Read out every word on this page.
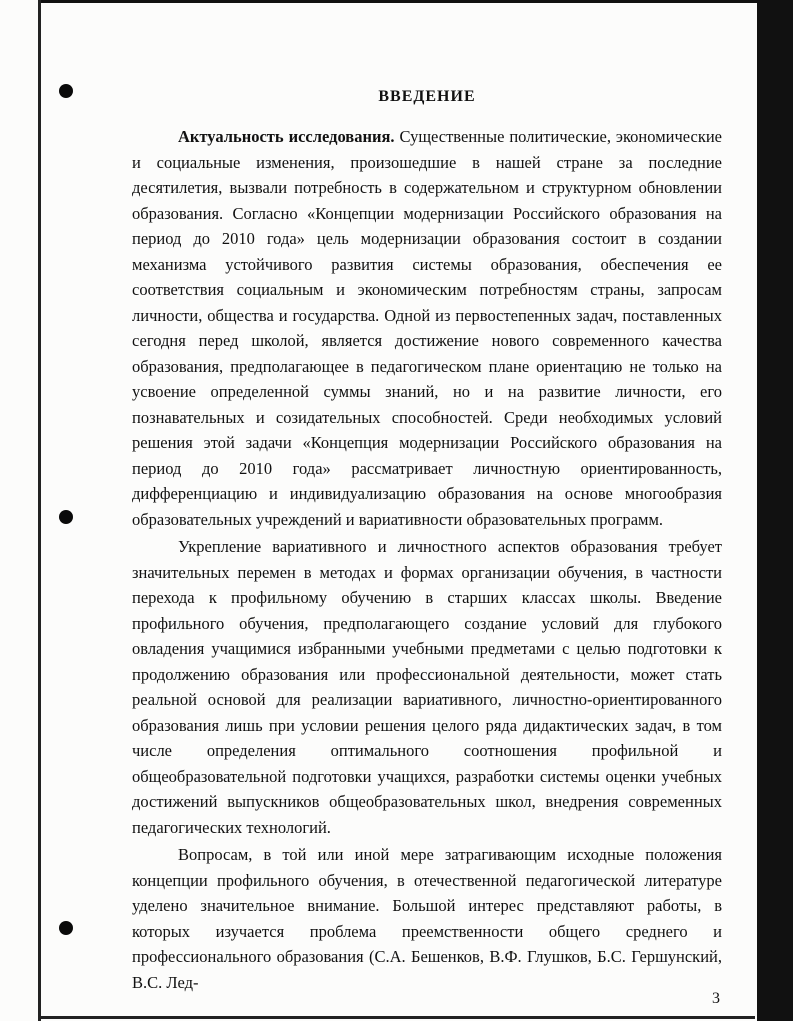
ВВЕДЕНИЕ

Актуальность исследования. Существенные политические, экономические и социальные изменения, произошедшие в нашей стране за последние десятилетия, вызвали потребность в содержательном и структурном обновлении образования. Согласно «Концепции модернизации Российского образования на период до 2010 года» цель модернизации образования состоит в создании механизма устойчивого развития системы образования, обеспечения ее соответствия социальным и экономическим потребностям страны, запросам личности, общества и государства. Одной из первостепенных задач, поставленных сегодня перед школой, является достижение нового современного качества образования, предполагающее в педагогическом плане ориентацию не только на усвоение определенной суммы знаний, но и на развитие личности, его познавательных и созидательных способностей. Среди необходимых условий решения этой задачи «Концепция модернизации Российского образования на период до 2010 года» рассматривает личностную ориентированность, дифференциацию и индивидуализацию образования на основе многообразия образовательных учреждений и вариативности образовательных программ.

Укрепление вариативного и личностного аспектов образования требует значительных перемен в методах и формах организации обучения, в частности перехода к профильному обучению в старших классах школы. Введение профильного обучения, предполагающего создание условий для глубокого овладения учащимися избранными учебными предметами с целью подготовки к продолжению образования или профессиональной деятельности, может стать реальной основой для реализации вариативного, личностно-ориентированного образования лишь при условии решения целого ряда дидактических задач, в том числе определения оптимального соотношения профильной и общеобразовательной подготовки учащихся, разработки системы оценки учебных достижений выпускников общеобразовательных школ, внедрения современных педагогических технологий.

Вопросам, в той или иной мере затрагивающим исходные положения концепции профильного обучения, в отечественной педагогической литературе уделено значительное внимание. Большой интерес представляют работы, в которых изучается проблема преемственности общего среднего и профессионального образования (С.А. Бешенков, В.Ф. Глушков, Б.С. Гершунский, В.С. Лед-

3
